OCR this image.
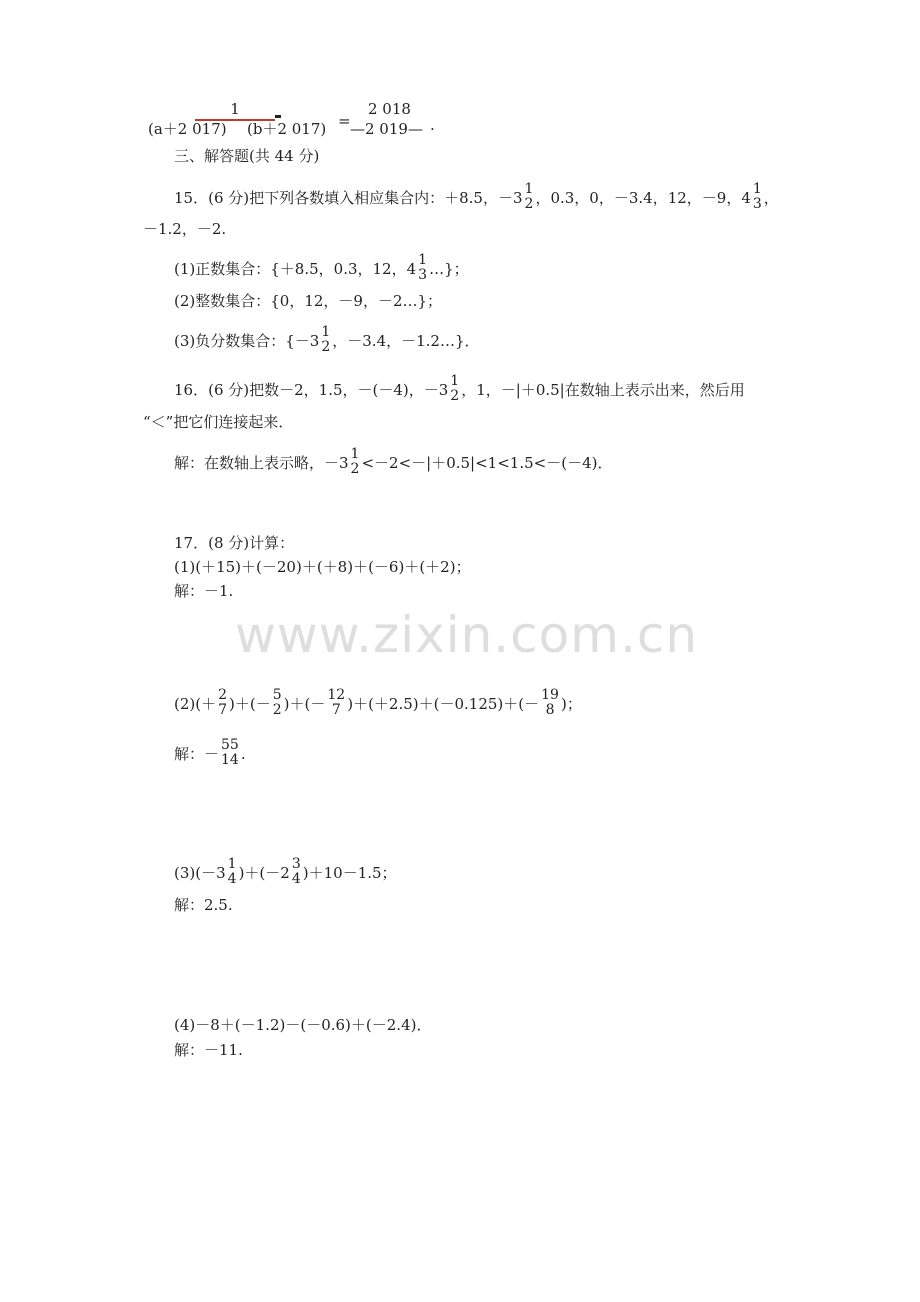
www.zixin.com.cn
1
(a＋2 017) (b＋2 017) =
2 018
—2 019— .
三、解答题(共 44 分)
15．(6 分)把下列各数填入相应集合内：＋8.5，－3 1
2 ，0.3，0，－3.4，12，－9，4 1
3 ，
－1.2，－2.
(1)正数集合：{＋8.5，0.3，12，4 1
3 …}；
(2)整数集合：{0，12，－9，－2…}；
(3)负分数集合：{－3 1
2 ，－3.4，－1.2…}．
16．(6 分)把数－2，1.5，－(－4)，－3 1
2 ，1，－|＋0.5|在数轴上表示出来，然后用
“＜”把它们连接起来．
解：在数轴上表示略，－3 1
2 <－2<－|＋0.5|<1<1.5<－(－4)．
17．(8 分)计算：
(1)(＋15)＋(－20)＋(＋8)＋(－6)＋(＋2)；
解：－1.
(2)(＋ 2
7 )＋(－ 5
2 )＋(－ 12
7 )＋(＋2.5)＋(－0.125)＋(－ 19
8 )；
解：－ 55
14 .
(3)(－3 1
4 )＋(－2 3
4 )＋10－1.5；
解：2.5.
(4)－8＋(－1.2)－(－0.6)＋(－2.4)．
解：－11.
